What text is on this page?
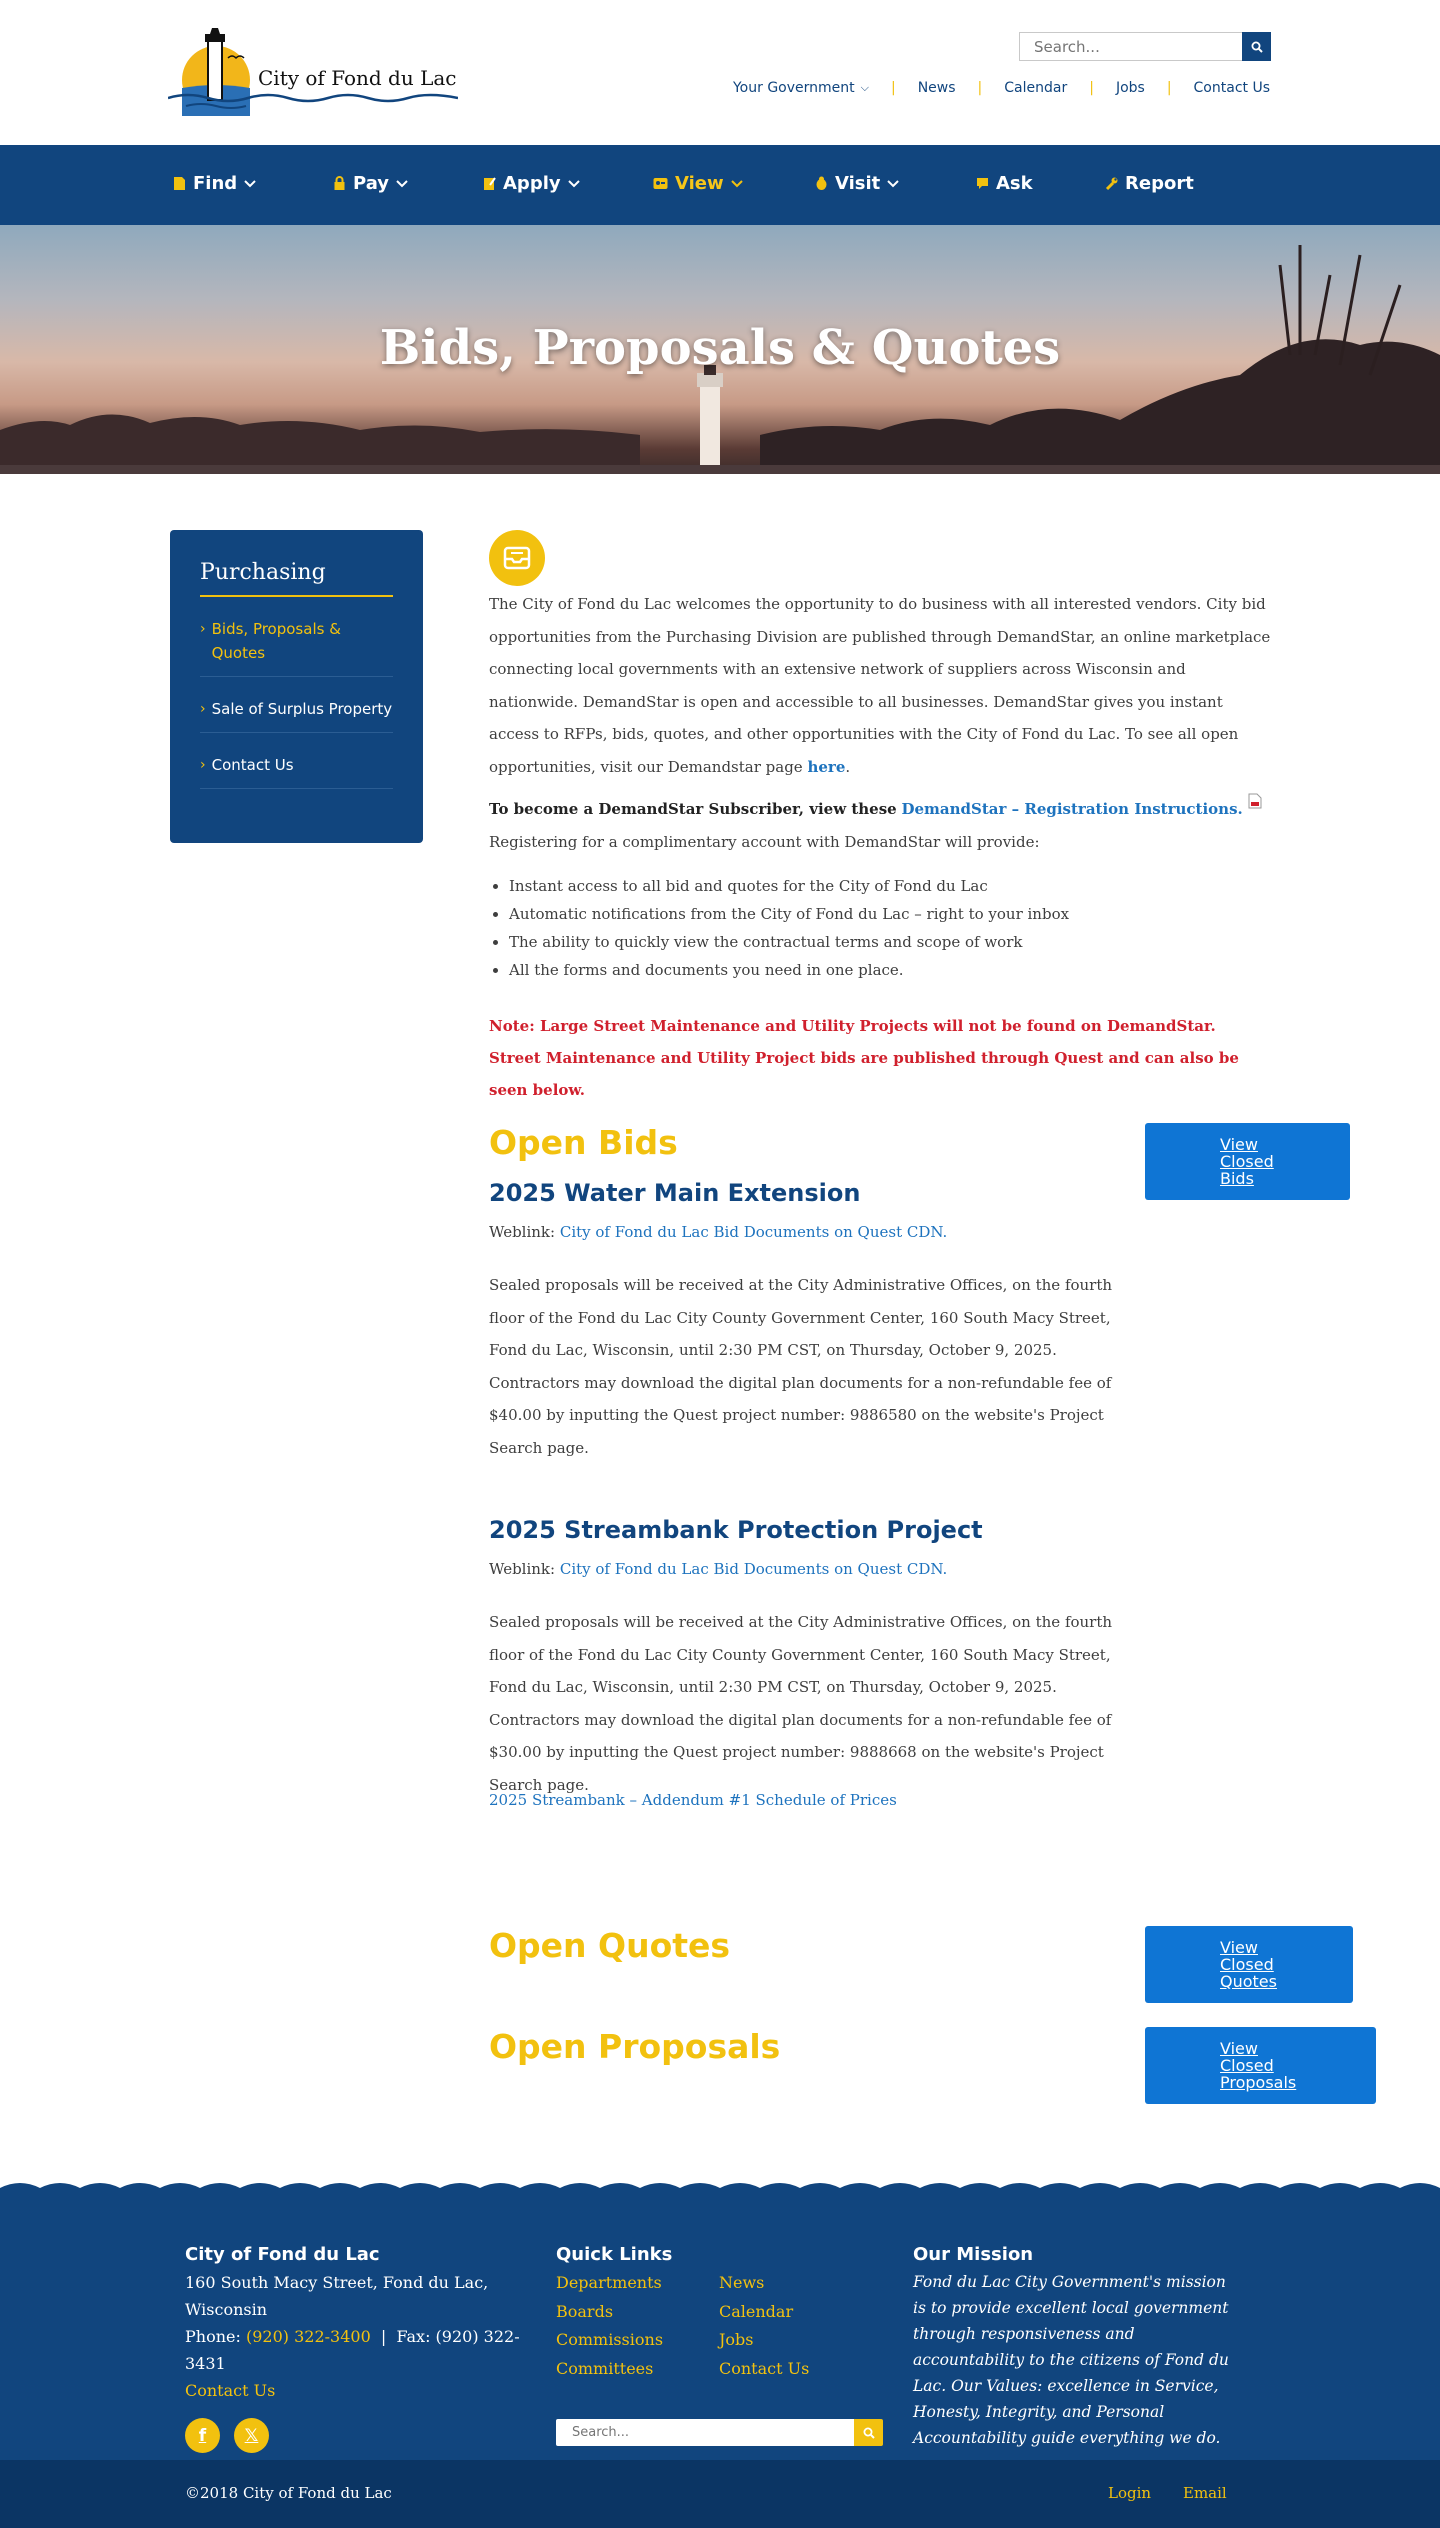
City of Fond du Lac
Search...	Your Government ⌵ | News | Calendar | Jobs | Contact Us
Find	Pay	Apply	View	Visit	Ask	Report
Bids, Proposals & Quotes
Purchasing
› Bids, Proposals & Quotes
› Sale of Surplus Property
› Contact Us

The City of Fond du Lac welcomes the opportunity to do business with all interested vendors. City bid opportunities from the Purchasing Division are published through DemandStar, an online marketplace connecting local governments with an extensive network of suppliers across Wisconsin and nationwide. DemandStar is open and accessible to all businesses. DemandStar gives you instant access to RFPs, bids, quotes, and other opportunities with the City of Fond du Lac. To see all open opportunities, visit our Demandstar page here.

To become a DemandStar Subscriber, view these DemandStar – Registration Instructions.
Registering for a complimentary account with DemandStar will provide:

• Instant access to all bid and quotes for the City of Fond du Lac
• Automatic notifications from the City of Fond du Lac – right to your inbox
• The ability to quickly view the contractual terms and scope of work
• All the forms and documents you need in one place.

Note: Large Street Maintenance and Utility Projects will not be found on DemandStar. Street Maintenance and Utility Project bids are published through Quest and can also be seen below.

Open Bids	View Closed Bids
2025 Water Main Extension

Weblink: City of Fond du Lac Bid Documents on Quest CDN.

Sealed proposals will be received at the City Administrative Offices, on the fourth floor of the Fond du Lac City County Government Center, 160 South Macy Street, Fond du Lac, Wisconsin, until 2:30 PM CST, on Thursday, October 9, 2025. Contractors may download the digital plan documents for a non-refundable fee of $40.00 by inputting the Quest project number: 9886580 on the website's Project Search page.

2025 Streambank Protection Project

Weblink: City of Fond du Lac Bid Documents on Quest CDN.

Sealed proposals will be received at the City Administrative Offices, on the fourth floor of the Fond du Lac City County Government Center, 160 South Macy Street, Fond du Lac, Wisconsin, until 2:30 PM CST, on Thursday, October 9, 2025. Contractors may download the digital plan documents for a non-refundable fee of $30.00 by inputting the Quest project number: 9888668 on the website's Project Search page.

2025 Streambank – Addendum #1 Schedule of Prices
Open Quotes	View Closed Quotes
Open Proposals	View Closed Proposals
City of Fond du Lac
160 South Macy Street, Fond du Lac, Wisconsin
Phone: (920) 322-3400  |  Fax: (920) 322-3431
Contact Us
f	𝕏
Quick Links
Departments
Boards
Commissions
Committees
News
Calendar
Jobs
Contact Us
Search...
Our Mission
Fond du Lac City Government's mission is to provide excellent local government through responsiveness and accountability to the citizens of Fond du Lac. Our Values: excellence in Service, Honesty, Integrity, and Personal Accountability guide everything we do.
©2018 City of Fond du Lac	Login Email
